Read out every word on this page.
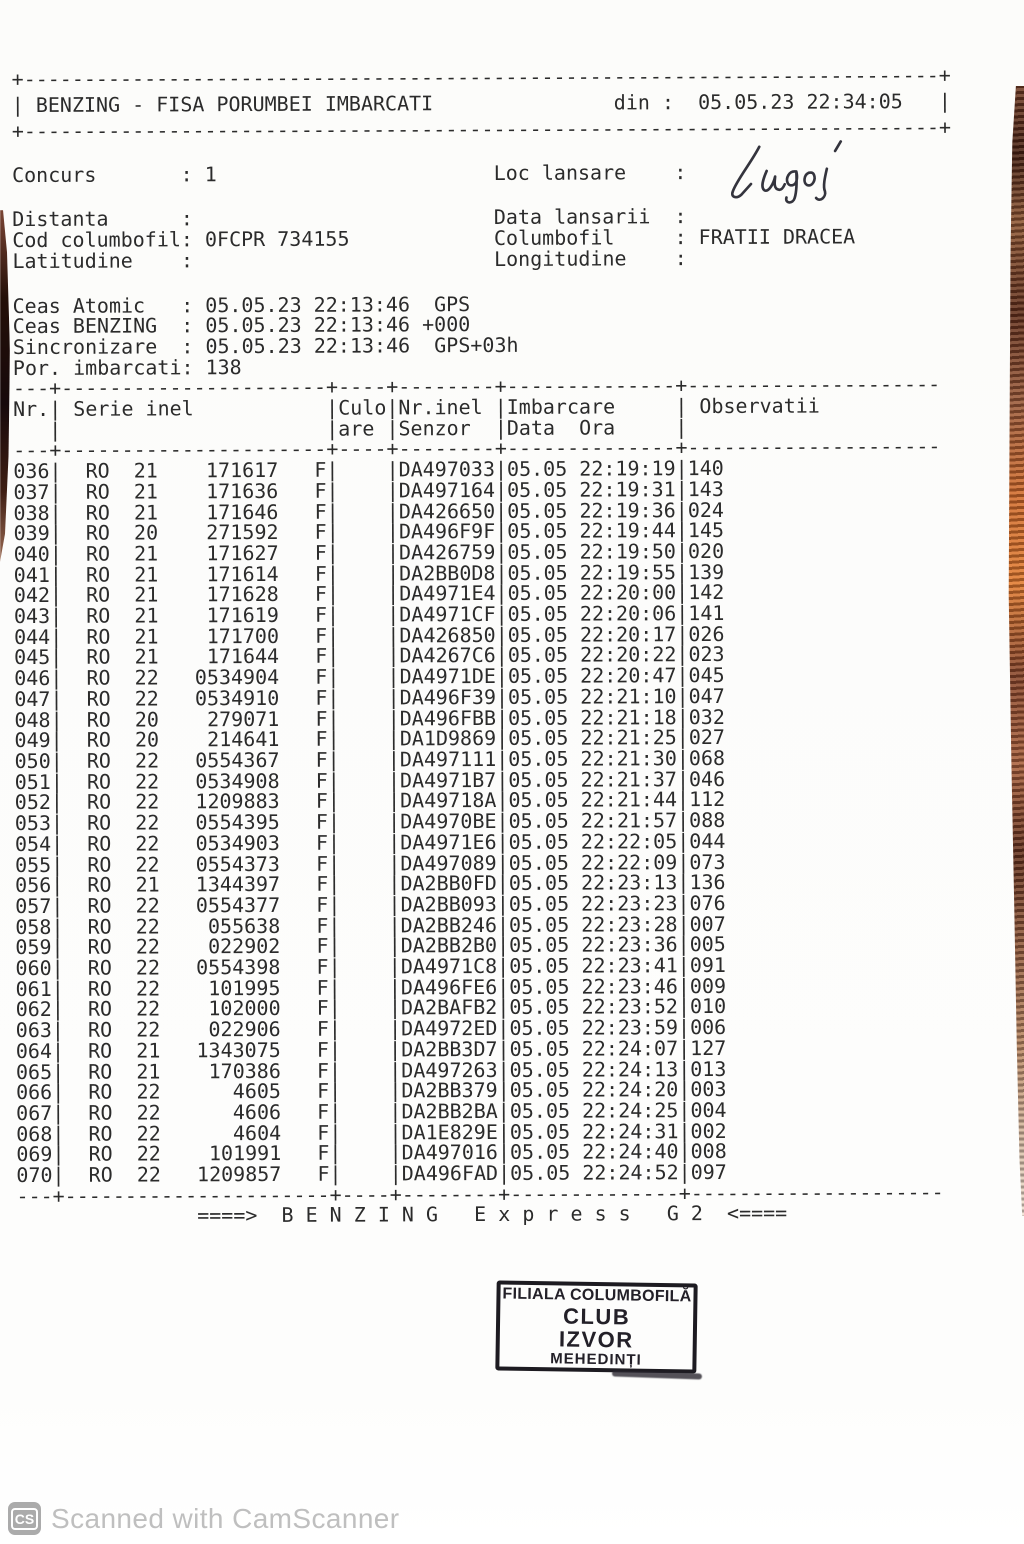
+----------------------------------------------------------------------------+
| BENZING - FISA PORUMBEI IMBARCATI               din :  05.05.23 22:34:05   |
+----------------------------------------------------------------------------+

Concurs       : 1                       Loc lansare    :

Distanta      :                         Data lansarii  :
Cod columbofil: 0FCPR 734155            Columbofil     : FRATII DRACEA
Latitudine    :                         Longitudine    :

Ceas Atomic   : 05.05.23 22:13:46  GPS
Ceas BENZING  : 05.05.23 22:13:46 +000
Sincronizare  : 05.05.23 22:13:46  GPS+03h
Por. imbarcati: 138
---+----------------------+----+--------+--------------+---------------------
Nr.| Serie inel           |Culo|Nr.inel |Imbarcare     | Observatii
|                      |are |Senzor  |Data  Ora     |
---+----------------------+----+--------+--------------+---------------------
036|  RO  21    171617   F|    |DA497033|05.05 22:19:19|140
037|  RO  21    171636   F|    |DA497164|05.05 22:19:31|143
038|  RO  21    171646   F|    |DA426650|05.05 22:19:36|024
039|  RO  20    271592   F|    |DA496F9F|05.05 22:19:44|145
040|  RO  21    171627   F|    |DA426759|05.05 22:19:50|020
041|  RO  21    171614   F|    |DA2BB0D8|05.05 22:19:55|139
042|  RO  21    171628   F|    |DA4971E4|05.05 22:20:00|142
043|  RO  21    171619   F|    |DA4971CF|05.05 22:20:06|141
044|  RO  21    171700   F|    |DA426850|05.05 22:20:17|026
045|  RO  21    171644   F|    |DA4267C6|05.05 22:20:22|023
046|  RO  22   0534904   F|    |DA4971DE|05.05 22:20:47|045
047|  RO  22   0534910   F|    |DA496F39|05.05 22:21:10|047
048|  RO  20    279071   F|    |DA496FBB|05.05 22:21:18|032
049|  RO  20    214641   F|    |DA1D9869|05.05 22:21:25|027
050|  RO  22   0554367   F|    |DA497111|05.05 22:21:30|068
051|  RO  22   0534908   F|    |DA4971B7|05.05 22:21:37|046
052|  RO  22   1209883   F|    |DA49718A|05.05 22:21:44|112
053|  RO  22   0554395   F|    |DA4970BE|05.05 22:21:57|088
054|  RO  22   0534903   F|    |DA4971E6|05.05 22:22:05|044
055|  RO  22   0554373   F|    |DA497089|05.05 22:22:09|073
056|  RO  21   1344397   F|    |DA2BB0FD|05.05 22:23:13|136
057|  RO  22   0554377   F|    |DA2BB093|05.05 22:23:23|076
058|  RO  22    055638   F|    |DA2BB246|05.05 22:23:28|007
059|  RO  22    022902   F|    |DA2BB2B0|05.05 22:23:36|005
060|  RO  22   0554398   F|    |DA4971C8|05.05 22:23:41|091
061|  RO  22    101995   F|    |DA496FE6|05.05 22:23:46|009
062|  RO  22    102000   F|    |DA2BAFB2|05.05 22:23:52|010
063|  RO  22    022906   F|    |DA4972ED|05.05 22:23:59|006
064|  RO  21   1343075   F|    |DA2BB3D7|05.05 22:24:07|127
065|  RO  21    170386   F|    |DA497263|05.05 22:24:13|013
066|  RO  22      4605   F|    |DA2BB379|05.05 22:24:20|003
067|  RO  22      4606   F|    |DA2BB2BA|05.05 22:24:25|004
068|  RO  22      4604   F|    |DA1E829E|05.05 22:24:31|002
069|  RO  22    101991   F|    |DA497016|05.05 22:24:40|008
070|  RO  22   1209857   F|    |DA496FAD|05.05 22:24:52|097
---+----------------------+----+--------+--------------+---------------------
====>  B E N Z I N G   E x p r e s s   G 2  <====
FILIALA COLUMBOFILĂ
CLUB
IZVOR
MEHEDINȚI
CS Scanned with CamScanner
